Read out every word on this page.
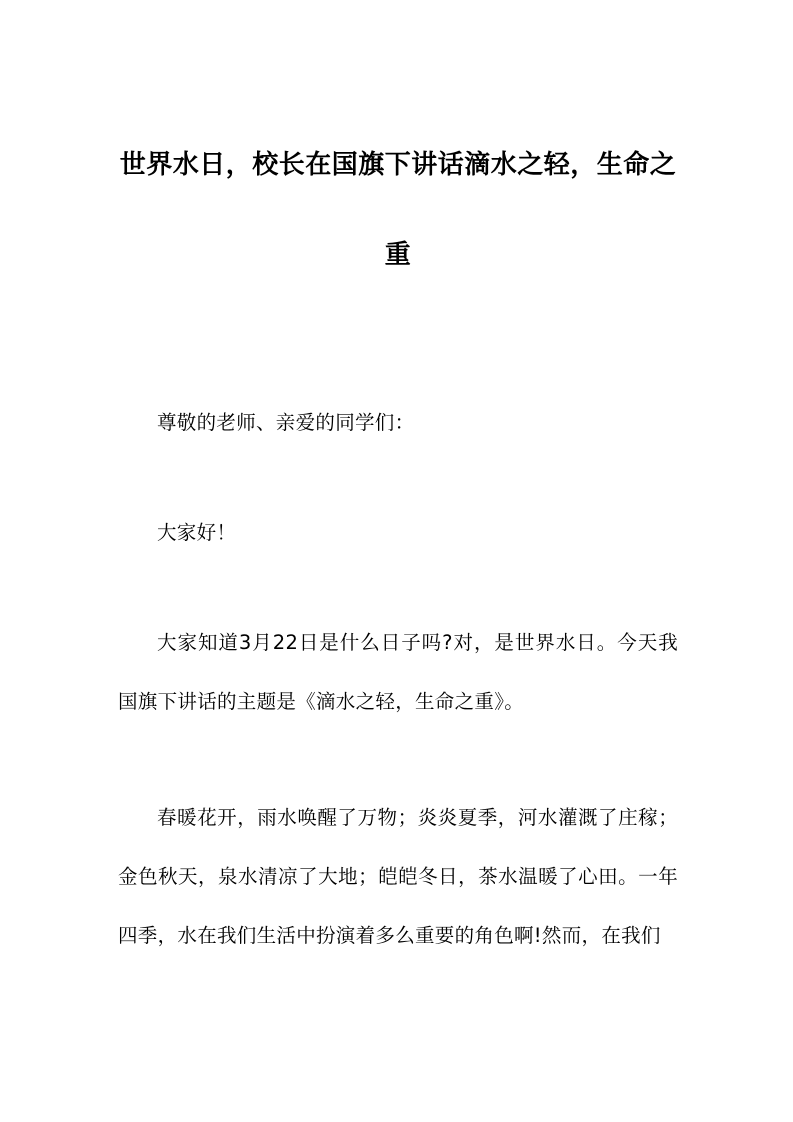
世界水日，校长在国旗下讲话滴水之轻，生命之重

尊敬的老师、亲爱的同学们：

大家好！

大家知道3月22日是什么日子吗?对，是世界水日。今天我国旗下讲话的主题是《滴水之轻，生命之重》。

春暖花开，雨水唤醒了万物；炎炎夏季，河水灌溉了庄稼；金色秋天，泉水清凉了大地；皑皑冬日，茶水温暖了心田。一年四季，水在我们生活中扮演着多么重要的角色啊!然而，在我们
